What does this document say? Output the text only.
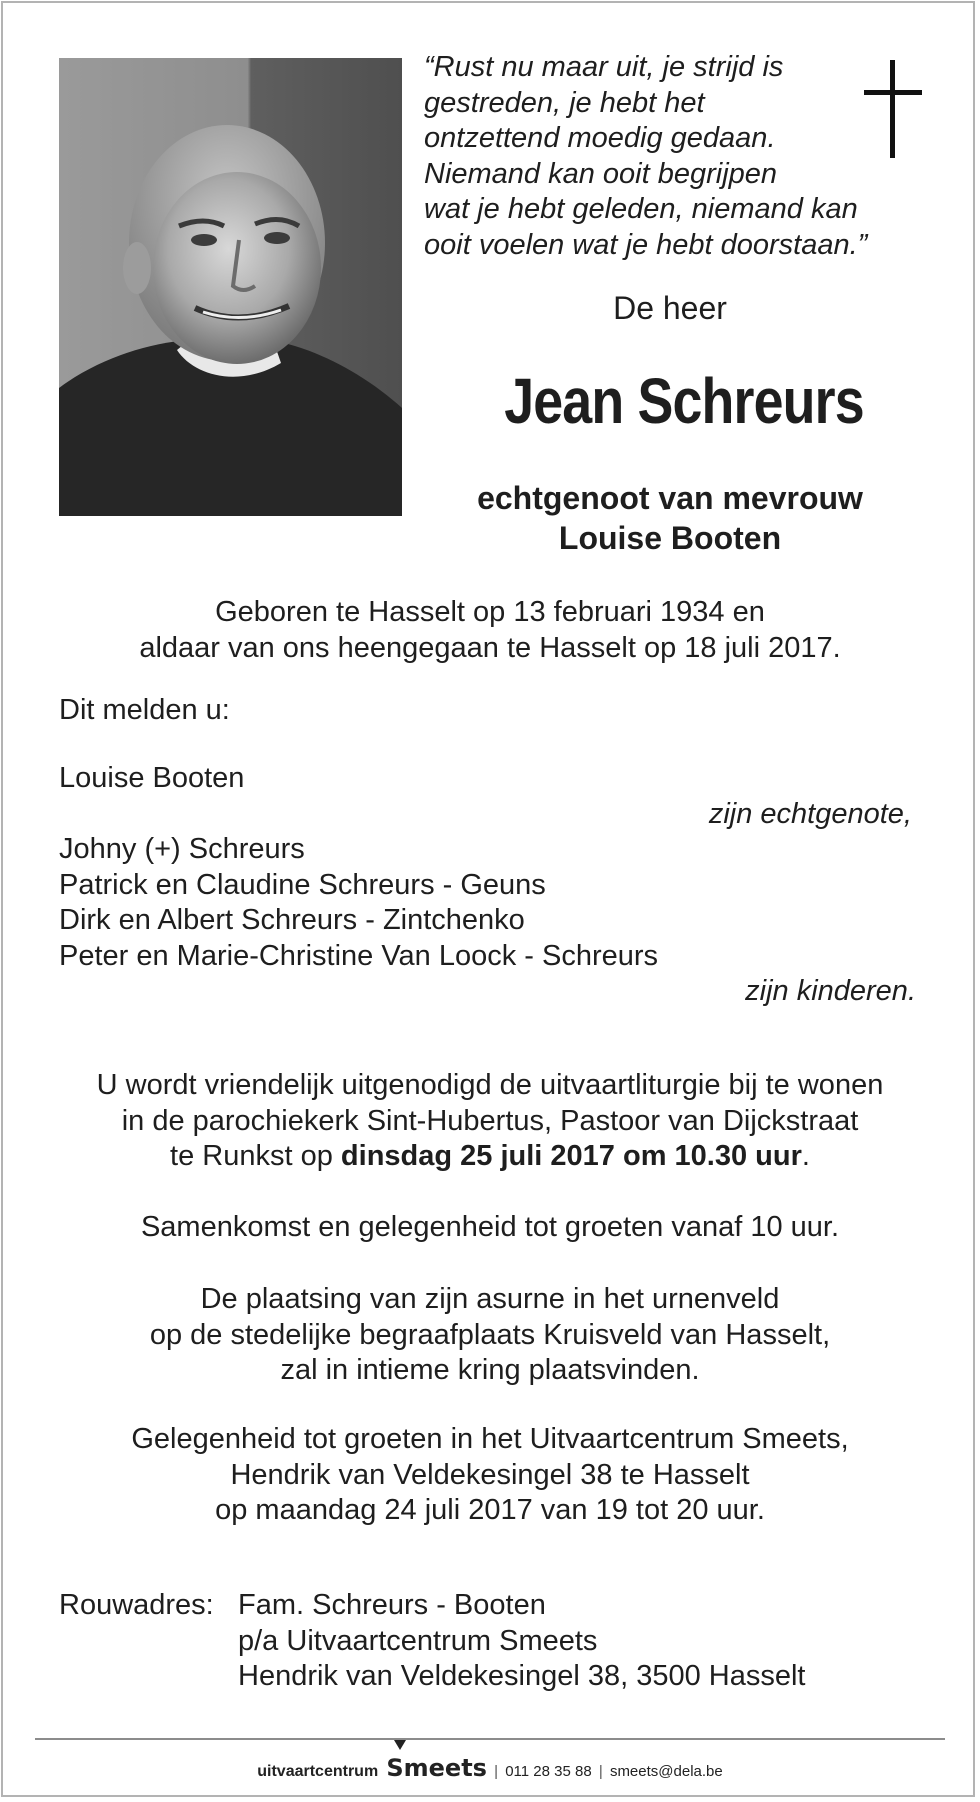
“Rust nu maar uit, je strijd is
gestreden, je hebt het
ontzettend moedig gedaan.
Niemand kan ooit begrijpen
wat je hebt geleden, niemand kan
ooit voelen wat je hebt doorstaan.”

De heer

Jean Schreurs

echtgenoot van mevrouw
Louise Booten

Geboren te Hasselt op 13 februari 1934 en
aldaar van ons heengegaan te Hasselt op 18 juli 2017.

Dit melden u:

Louise Booten

zijn echtgenote,

Johny (+) Schreurs
Patrick en Claudine Schreurs - Geuns
Dirk en Albert Schreurs - Zintchenko
Peter en Marie-Christine Van Loock - Schreurs

zijn kinderen.

U wordt vriendelijk uitgenodigd de uitvaartliturgie bij te wonen
in de parochiekerk Sint-Hubertus, Pastoor van Dijckstraat
te Runkst op dinsdag 25 juli 2017 om 10.30 uur.

Samenkomst en gelegenheid tot groeten vanaf 10 uur.

De plaatsing van zijn asurne in het urnenveld
op de stedelijke begraafplaats Kruisveld van Hasselt,
zal in intieme kring plaatsvinden.

Gelegenheid tot groeten in het Uitvaartcentrum Smeets,
Hendrik van Veldekesingel 38 te Hasselt
op maandag 24 juli 2017 van 19 tot 20 uur.

Rouwadres: Fam. Schreurs - Booten
p/a Uitvaartcentrum Smeets
Hendrik van Veldekesingel 38, 3500 Hasselt
uitvaartcentrum Smeets | 011 28 35 88 | smeets@dela.be
